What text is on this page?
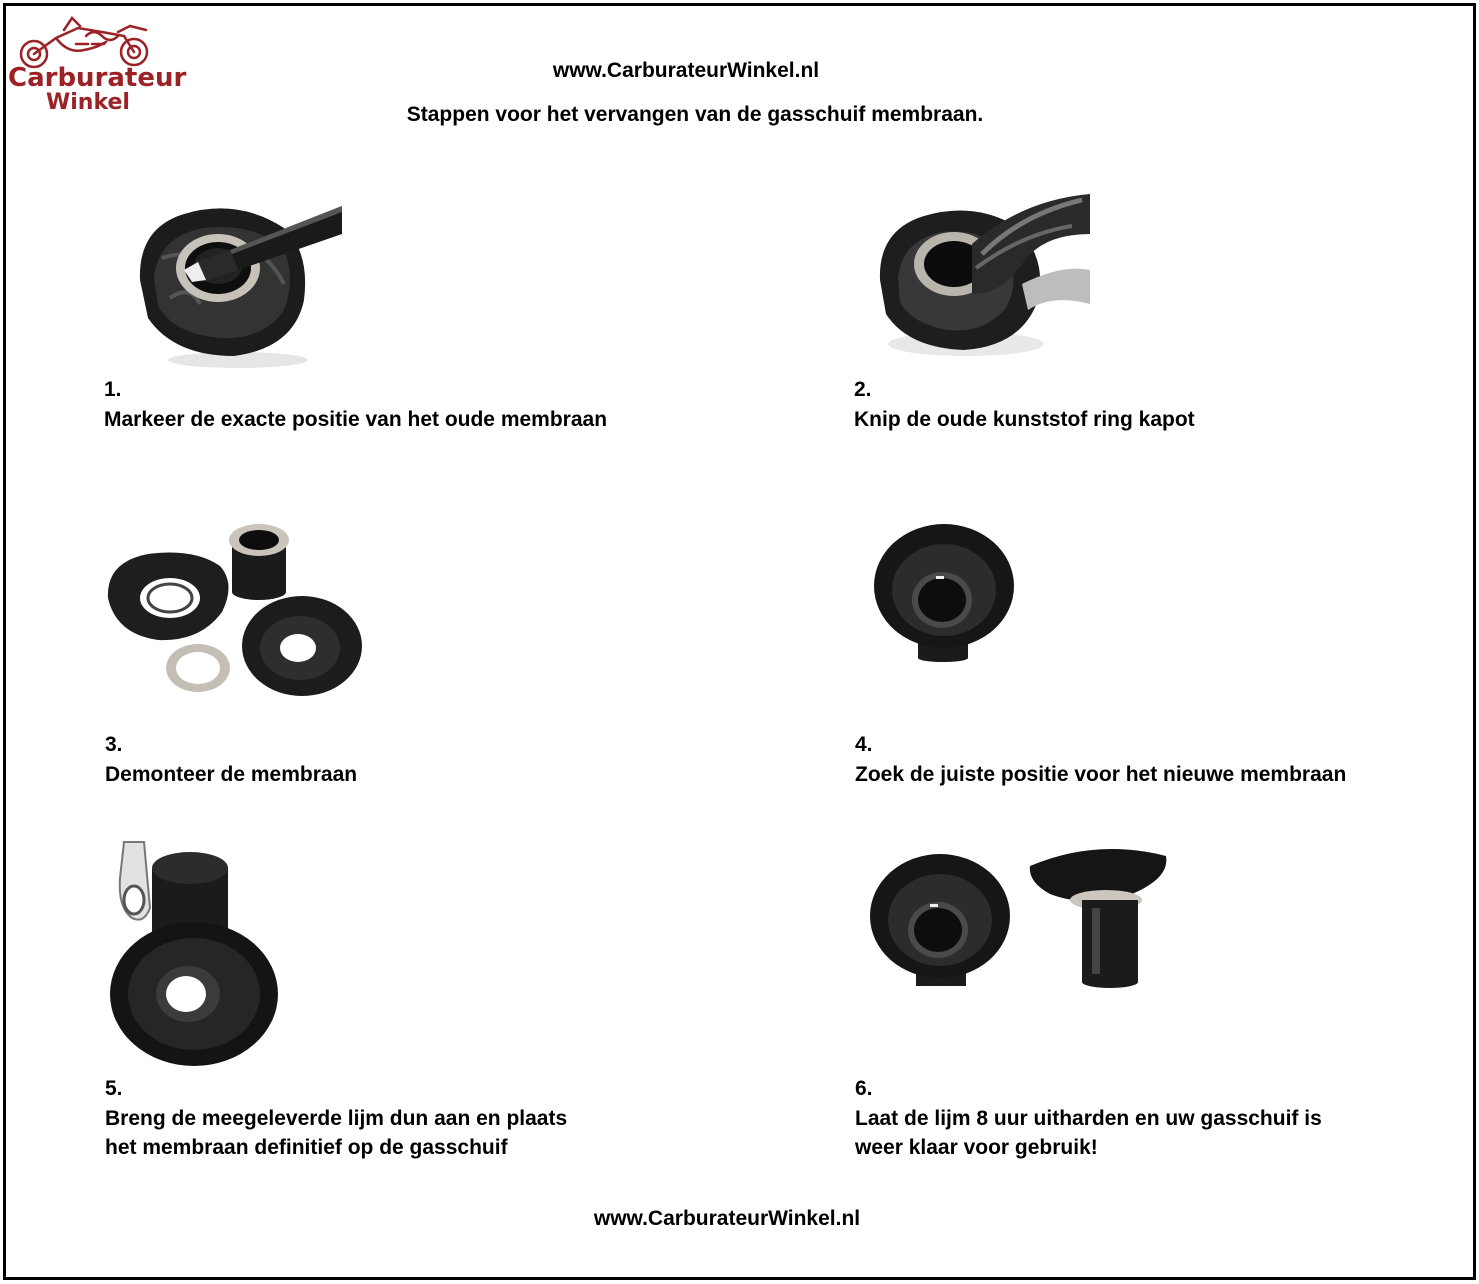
Carburateur
Winkel
www.CarburateurWinkel.nl
Stappen voor het vervangen van de gasschuif membraan.
1.
Markeer de exacte positie van het oude membraan
2.
Knip de oude kunststof ring kapot
3.
Demonteer de membraan
4.
Zoek de juiste positie voor het nieuwe membraan
5.
Breng de meegeleverde lijm dun aan en plaats
het membraan definitief op de gasschuif
6.
Laat de lijm 8 uur uitharden en uw gasschuif is
weer klaar voor gebruik!
www.CarburateurWinkel.nl
